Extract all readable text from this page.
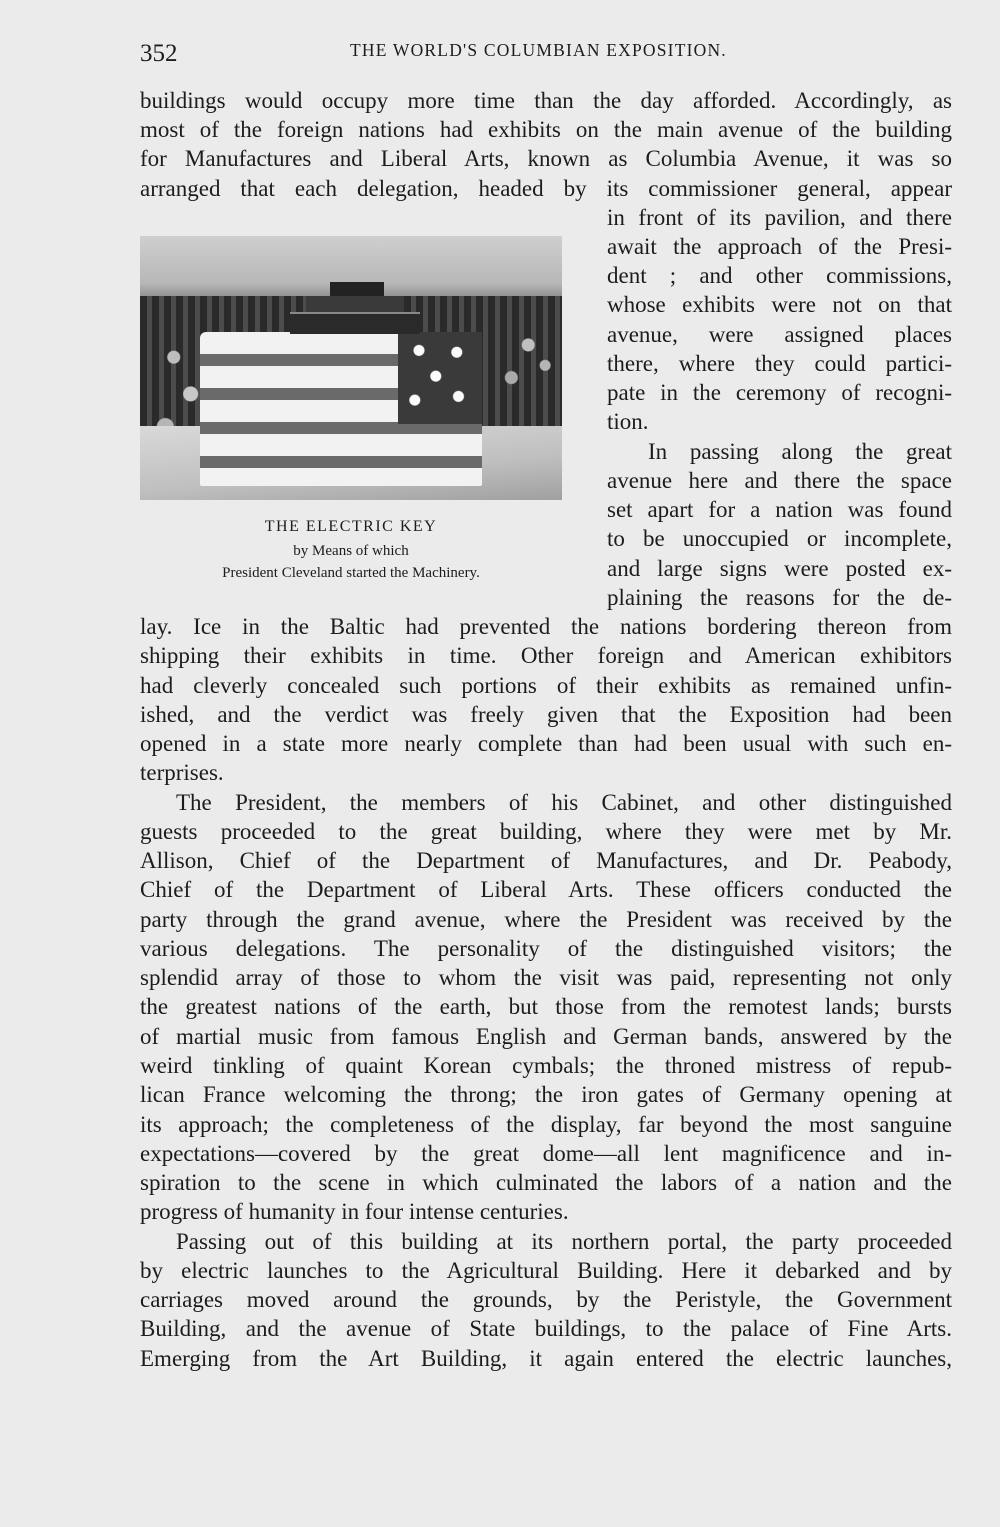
352	THE WORLD'S COLUMBIAN EXPOSITION.
THE ELECTRIC KEY
by Means of which
President Cleveland started the Machinery.
buildings would occupy more time than the day afforded. Accordingly, as
most of the foreign nations had exhibits on the main avenue of the building
for Manufactures and Liberal Arts, known as Columbia Avenue, it was so
arranged that each delegation, headed by its commissioner general, appear
in front of its pavilion, and there
await the approach of the Presi-
dent ; and other commissions,
whose exhibits were not on that
avenue, were assigned places
there, where they could partici-
pate in the ceremony of recogni-
tion.
In passing along the great
avenue here and there the space
set apart for a nation was found
to be unoccupied or incomplete,
and large signs were posted ex-
plaining the reasons for the de-
lay. Ice in the Baltic had prevented the nations bordering thereon from
shipping their exhibits in time. Other foreign and American exhibitors
had cleverly concealed such portions of their exhibits as remained unfin-
ished, and the verdict was freely given that the Exposition had been
opened in a state more nearly complete than had been usual with such en-
terprises.
The President, the members of his Cabinet, and other distinguished
guests proceeded to the great building, where they were met by Mr.
Allison, Chief of the Department of Manufactures, and Dr. Peabody,
Chief of the Department of Liberal Arts. These officers conducted the
party through the grand avenue, where the President was received by the
various delegations. The personality of the distinguished visitors; the
splendid array of those to whom the visit was paid, representing not only
the greatest nations of the earth, but those from the remotest lands; bursts
of martial music from famous English and German bands, answered by the
weird tinkling of quaint Korean cymbals; the throned mistress of repub-
lican France welcoming the throng; the iron gates of Germany opening at
its approach; the completeness of the display, far beyond the most sanguine
expectations—covered by the great dome—all lent magnificence and in-
spiration to the scene in which culminated the labors of a nation and the
progress of humanity in four intense centuries.
Passing out of this building at its northern portal, the party proceeded
by electric launches to the Agricultural Building. Here it debarked and by
carriages moved around the grounds, by the Peristyle, the Government
Building, and the avenue of State buildings, to the palace of Fine Arts.
Emerging from the Art Building, it again entered the electric launches,
